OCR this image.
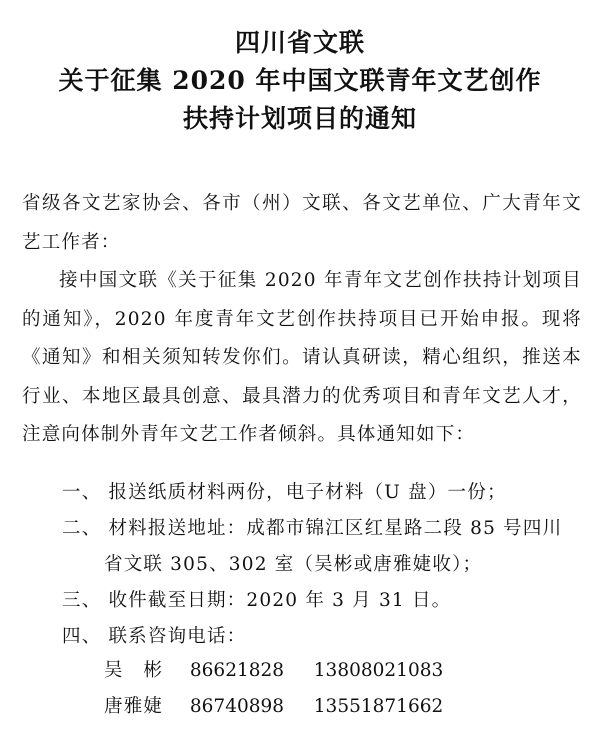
四川省文联
关于征集 2020 年中国文联青年文艺创作
扶持计划项目的通知
省级各文艺家协会、各市（州）文联、各文艺单位、广大青年文艺工作者：
接中国文联《关于征集 2020 年青年文艺创作扶持计划项目的通知》，2020 年度青年文艺创作扶持项目已开始申报。现将《通知》和相关须知转发你们。请认真研读，精心组织，推送本行业、本地区最具创意、最具潜力的优秀项目和青年文艺人才，注意向体制外青年文艺工作者倾斜。具体通知如下：
一、 报送纸质材料两份，电子材料（U 盘）一份；
二、 材料报送地址：成都市锦江区红星路二段 85 号四川
省文联 305、302 室（吴彬或唐雅婕收）；
三、 收件截至日期：2020 年 3 月 31 日。
四、 联系咨询电话：
吴 彬 86621828 13808021083
唐雅婕 86740898 13551871662
